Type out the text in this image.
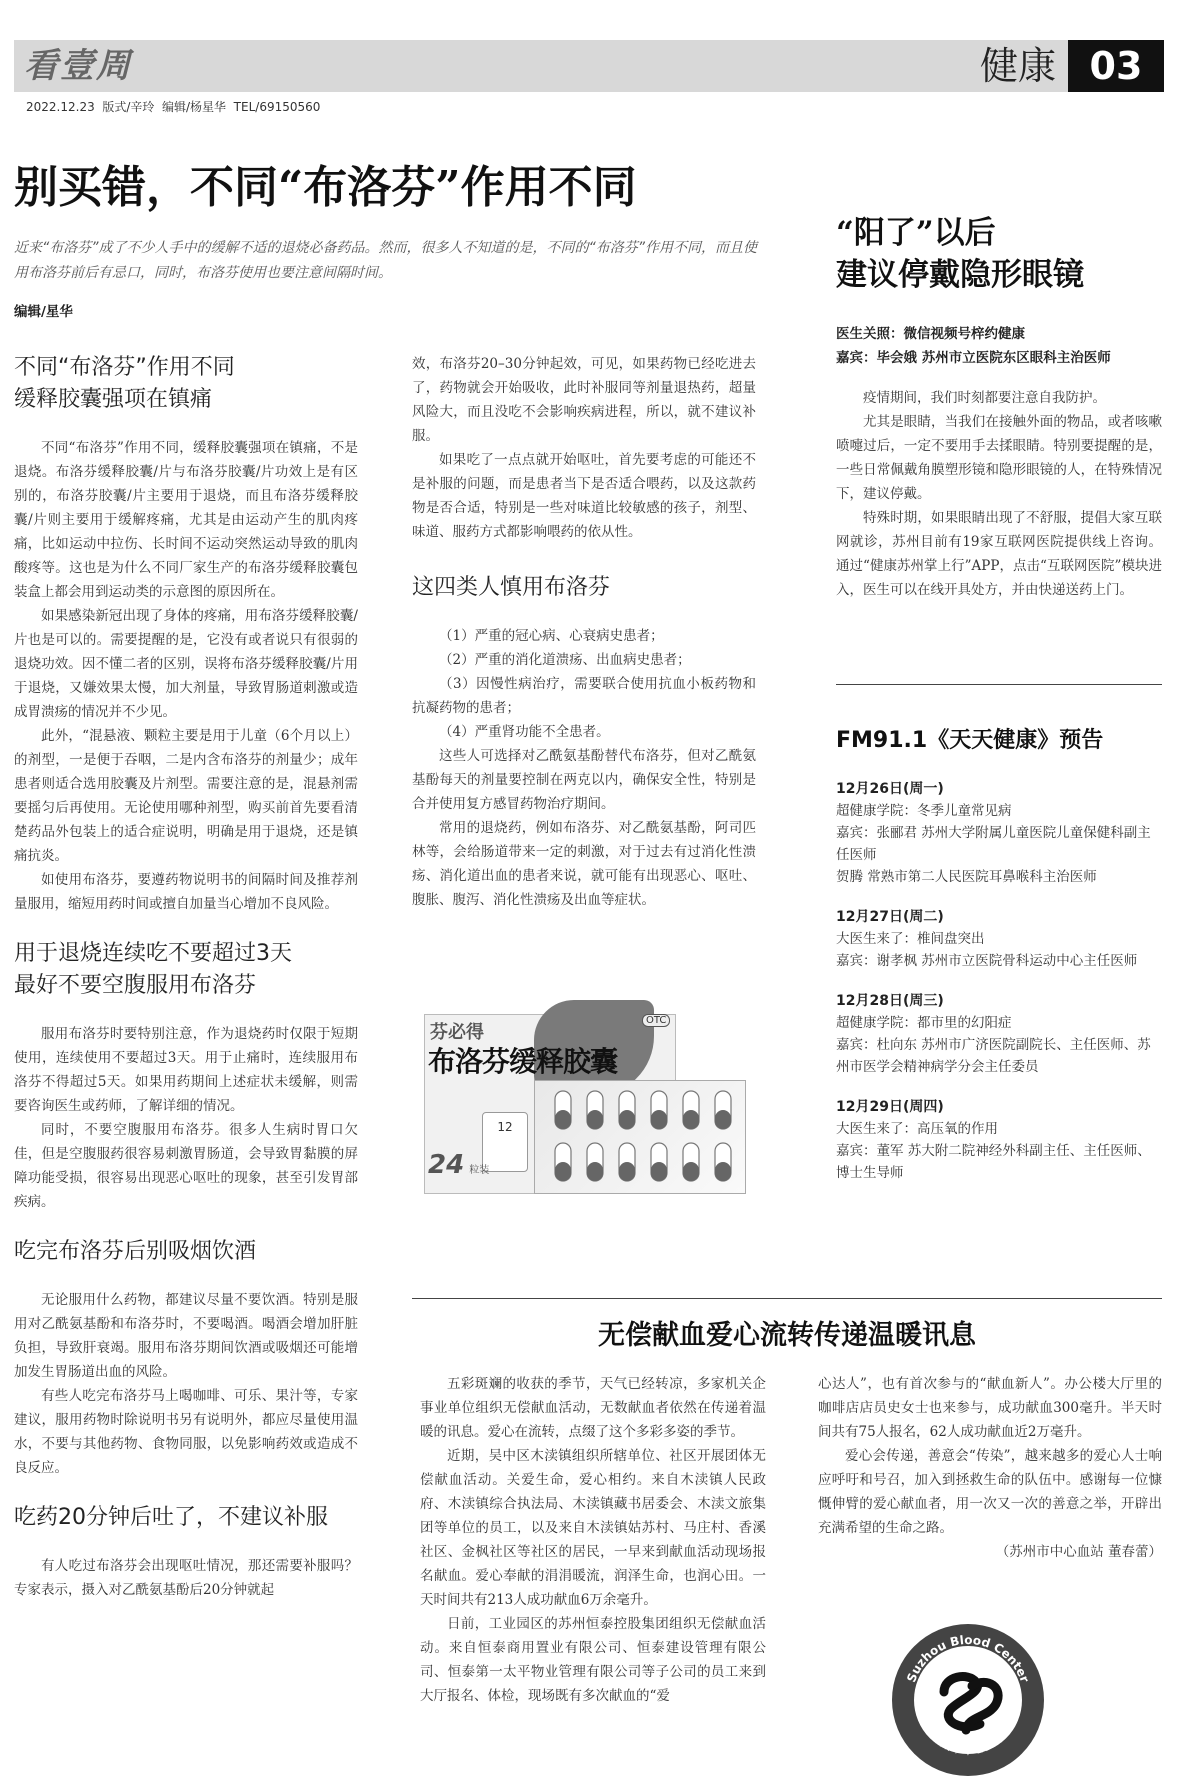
看壹周	健康 03
2022.12.23  版式/辛玲  编辑/杨星华  TEL/69150560
别买错，不同“布洛芬”作用不同
近来“布洛芬”成了不少人手中的缓解不适的退烧必备药品。然而，很多人不知道的是，不同的“布洛芬”作用不同，而且使用布洛芬前后有忌口，同时，布洛芬使用也要注意间隔时间。
编辑/星华

不同“布洛芬”作用不同

缓释胶囊强项在镇痛

不同“布洛芬”作用不同，缓释胶囊强项在镇痛，不是退烧。布洛芬缓释胶囊/片与布洛芬胶囊/片功效上是有区别的，布洛芬胶囊/片主要用于退烧，而且布洛芬缓释胶囊/片则主要用于缓解疼痛，尤其是由运动产生的肌肉疼痛，比如运动中拉伤、长时间不运动突然运动导致的肌肉酸疼等。这也是为什么不同厂家生产的布洛芬缓释胶囊包装盒上都会用到运动类的示意图的原因所在。

如果感染新冠出现了身体的疼痛，用布洛芬缓释胶囊/片也是可以的。需要提醒的是，它没有或者说只有很弱的退烧功效。因不懂二者的区别，误将布洛芬缓释胶囊/片用于退烧，又嫌效果太慢，加大剂量，导致胃肠道刺激或造成胃溃疡的情况并不少见。

此外，“混悬液、颗粒主要是用于儿童（6个月以上）的剂型，一是便于吞咽，二是内含布洛芬的剂量少；成年患者则适合选用胶囊及片剂型。需要注意的是，混悬剂需要摇匀后再使用。无论使用哪种剂型，购买前首先要看清楚药品外包装上的适合症说明，明确是用于退烧，还是镇痛抗炎。

如使用布洛芬，要遵药物说明书的间隔时间及推荐剂量服用，缩短用药时间或擅自加量当心增加不良风险。

用于退烧连续吃不要超过3天

最好不要空腹服用布洛芬

服用布洛芬时要特别注意，作为退烧药时仅限于短期使用，连续使用不要超过3天。用于止痛时，连续服用布洛芬不得超过5天。如果用药期间上述症状未缓解，则需要咨询医生或药师，了解详细的情况。

同时，不要空腹服用布洛芬。很多人生病时胃口欠佳，但是空腹服药很容易刺激胃肠道，会导致胃黏膜的屏障功能受损，很容易出现恶心呕吐的现象，甚至引发胃部疾病。

吃完布洛芬后别吸烟饮酒

无论服用什么药物，都建议尽量不要饮酒。特别是服用对乙酰氨基酚和布洛芬时，不要喝酒。喝酒会增加肝脏负担，导致肝衰竭。服用布洛芬期间饮酒或吸烟还可能增加发生胃肠道出血的风险。

有些人吃完布洛芬马上喝咖啡、可乐、果汁等，专家建议，服用药物时除说明书另有说明外，都应尽量使用温水，不要与其他药物、食物同服，以免影响药效或造成不良反应。

吃药20分钟后吐了，不建议补服

有人吃过布洛芬会出现呕吐情况，那还需要补服吗？专家表示，摄入对乙酰氨基酚后20分钟就起

效，布洛芬20–30分钟起效，可见，如果药物已经吃进去了，药物就会开始吸收，此时补服同等剂量退热药，超量风险大，而且没吃不会影响疾病进程，所以，就不建议补服。

如果吃了一点点就开始呕吐，首先要考虑的可能还不是补服的问题，而是患者当下是否适合喂药，以及这款药物是否合适，特别是一些对味道比较敏感的孩子，剂型、味道、服药方式都影响喂药的依从性。

这四类人慎用布洛芬

（1）严重的冠心病、心衰病史患者；

（2）严重的消化道溃疡、出血病史患者；

（3）因慢性病治疗，需要联合使用抗血小板药物和抗凝药物的患者；

（4）严重肾功能不全患者。

这些人可选择对乙酰氨基酚替代布洛芬，但对乙酰氨基酚每天的剂量要控制在两克以内，确保安全性，特别是合并使用复方感冒药物治疗期间。

常用的退烧药，例如布洛芬、对乙酰氨基酚，阿司匹林等，会给肠道带来一定的刺激，对于过去有过消化性溃疡、消化道出血的患者来说，就可能有出现恶心、呕吐、腹胀、腹泻、消化性溃疡及出血等症状。

芬必得
OTC
布洛芬缓释胶囊
12
24 粒装
“阳了”以后
建议停戴隐形眼镜

医生关照：微信视频号梓约健康

嘉宾：毕会娥 苏州市立医院东区眼科主治医师

疫情期间，我们时刻都要注意自我防护。

尤其是眼睛，当我们在接触外面的物品，或者咳嗽喷嚏过后，一定不要用手去揉眼睛。特别要提醒的是，一些日常佩戴角膜塑形镜和隐形眼镜的人，在特殊情况下，建议停戴。

特殊时期，如果眼睛出现了不舒服，提倡大家互联网就诊，苏州目前有19家互联网医院提供线上咨询。通过“健康苏州掌上行”APP，点击“互联网医院”模块进入，医生可以在线开具处方，并由快递送药上门。

FM91.1《天天健康》预告
12月26日(周一)

超健康学院：冬季儿童常见病

嘉宾：张郦君 苏州大学附属儿童医院儿童保健科副主任医师

贺腾 常熟市第二人民医院耳鼻喉科主治医师

12月27日(周二)

大医生来了：椎间盘突出

嘉宾：谢孝枫 苏州市立医院骨科运动中心主任医师

12月28日(周三)

超健康学院：都市里的幻阳症

嘉宾：杜向东 苏州市广济医院副院长、主任医师、苏州市医学会精神病学分会主任委员

12月29日(周四)

大医生来了：高压氧的作用

嘉宾：董军 苏大附二院神经外科副主任、主任医师、博士生导师

无偿献血爱心流转传递温暖讯息

五彩斑斓的收获的季节，天气已经转凉，多家机关企事业单位组织无偿献血活动，无数献血者依然在传递着温暖的讯息。爱心在流转，点缀了这个多彩多姿的季节。

近期，吴中区木渎镇组织所辖单位、社区开展团体无偿献血活动。关爱生命，爱心相约。来自木渎镇人民政府、木渎镇综合执法局、木渎镇藏书居委会、木渎文旅集团等单位的员工，以及来自木渎镇姑苏村、马庄村、香溪社区、金枫社区等社区的居民，一早来到献血活动现场报名献血。爱心奉献的涓涓暖流，润泽生命，也润心田。一天时间共有213人成功献血6万余毫升。

日前，工业园区的苏州恒泰控股集团组织无偿献血活动。来自恒泰商用置业有限公司、恒泰建设管理有限公司、恒泰第一太平物业管理有限公司等子公司的员工来到大厅报名、体检，现场既有多次献血的“爱

心达人”，也有首次参与的“献血新人”。办公楼大厅里的咖啡店店员史女士也来参与，成功献血300毫升。半天时间共有75人报名，62人成功献血近2万毫升。

爱心会传递，善意会“传染”，越来越多的爱心人士响应呼吁和号召，加入到拯救生命的队伍中。感谢每一位慷慨伸臂的爱心献血者，用一次又一次的善意之举，开辟出充满希望的生命之路。

（苏州市中心血站 董春蕾）

Suzhou Blood Center
苏州市中心血站
